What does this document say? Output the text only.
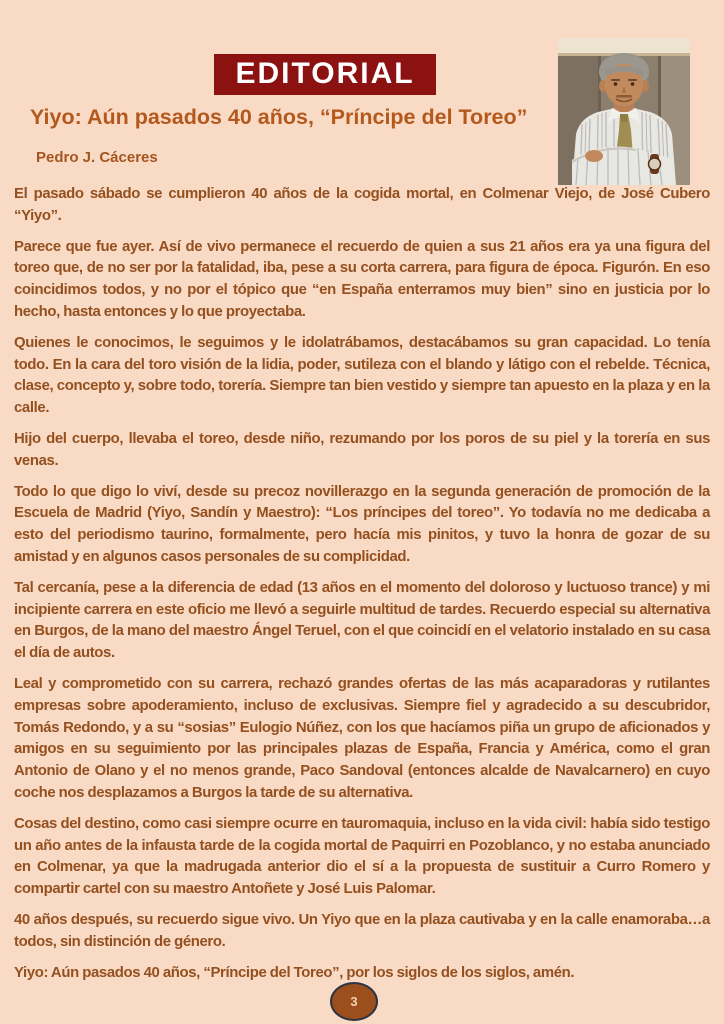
EDITORIAL
Yiyo: Aún pasados 40 años, “Príncipe del Toreo”
Pedro J. Cáceres

El pasado sábado se cumplieron 40 años de la cogida mortal, en Colmenar Viejo, de José Cubero “Yiyo”.

Parece que fue ayer. Así de vivo permanece el recuerdo de quien a sus 21 años era ya una figura del toreo que, de no ser por la fatalidad, iba, pese a su corta carrera, para figura de época. Figurón. En eso coincidimos todos, y no por el tópico que “en España enterramos muy bien” sino en justicia por lo hecho, hasta entonces y lo que proyectaba.

Quienes le conocimos, le seguimos y le idolatrábamos, destacábamos su gran capacidad. Lo tenía todo. En la cara del toro visión de la lidia, poder, sutileza con el blando y látigo con el rebelde. Técnica, clase, concepto y, sobre todo, torería. Siempre tan bien vestido y siempre tan apuesto en la plaza y en la calle.

Hijo del cuerpo, llevaba el toreo, desde niño, rezumando por los poros de su piel y la torería en sus venas.

Todo lo que digo lo viví, desde su precoz novillerazgo en la segunda generación de promoción de la Escuela de Madrid (Yiyo, Sandín y Maestro): “Los príncipes del toreo”. Yo todavía no me dedicaba a esto del periodismo taurino, formalmente, pero hacía mis pinitos, y tuvo la honra de gozar de su amistad y en algunos casos personales de su complicidad.

Tal cercanía, pese a la diferencia de edad (13 años en el momento del doloroso y luctuoso trance) y mi incipiente carrera en este oficio me llevó a seguirle multitud de tardes. Recuerdo especial su alternativa en Burgos, de la mano del maestro Ángel Teruel, con el que coincidí en el velatorio instalado en su casa el día de autos.

Leal y comprometido con su carrera, rechazó grandes ofertas de las más acaparadoras y rutilantes empresas sobre apoderamiento, incluso de exclusivas. Siempre fiel y agradecido a su descubridor, Tomás Redondo, y a su “sosias” Eulogio Núñez, con los que hacíamos piña un grupo de aficionados y amigos en su seguimiento por las principales plazas de España, Francia y América, como el gran Antonio de Olano y el no menos grande, Paco Sandoval (entonces alcalde de Navalcarnero) en cuyo coche nos desplazamos a Burgos la tarde de su alternativa.

Cosas del destino, como casi siempre ocurre en tauromaquia, incluso en la vida civil: había sido testigo un año antes de la infausta tarde de la cogida mortal de Paquirri en Pozoblanco, y no estaba anunciado en Colmenar, ya que la madrugada anterior dio el sí a la propuesta de sustituir a Curro Romero y compartir cartel con su maestro Antoñete y José Luis Palomar.

40 años después, su recuerdo sigue vivo. Un Yiyo que en la plaza cautivaba y en la calle enamoraba…a todos, sin distinción de género.

Yiyo: Aún pasados 40 años, “Príncipe del Toreo”, por los siglos de los siglos, amén.

3
